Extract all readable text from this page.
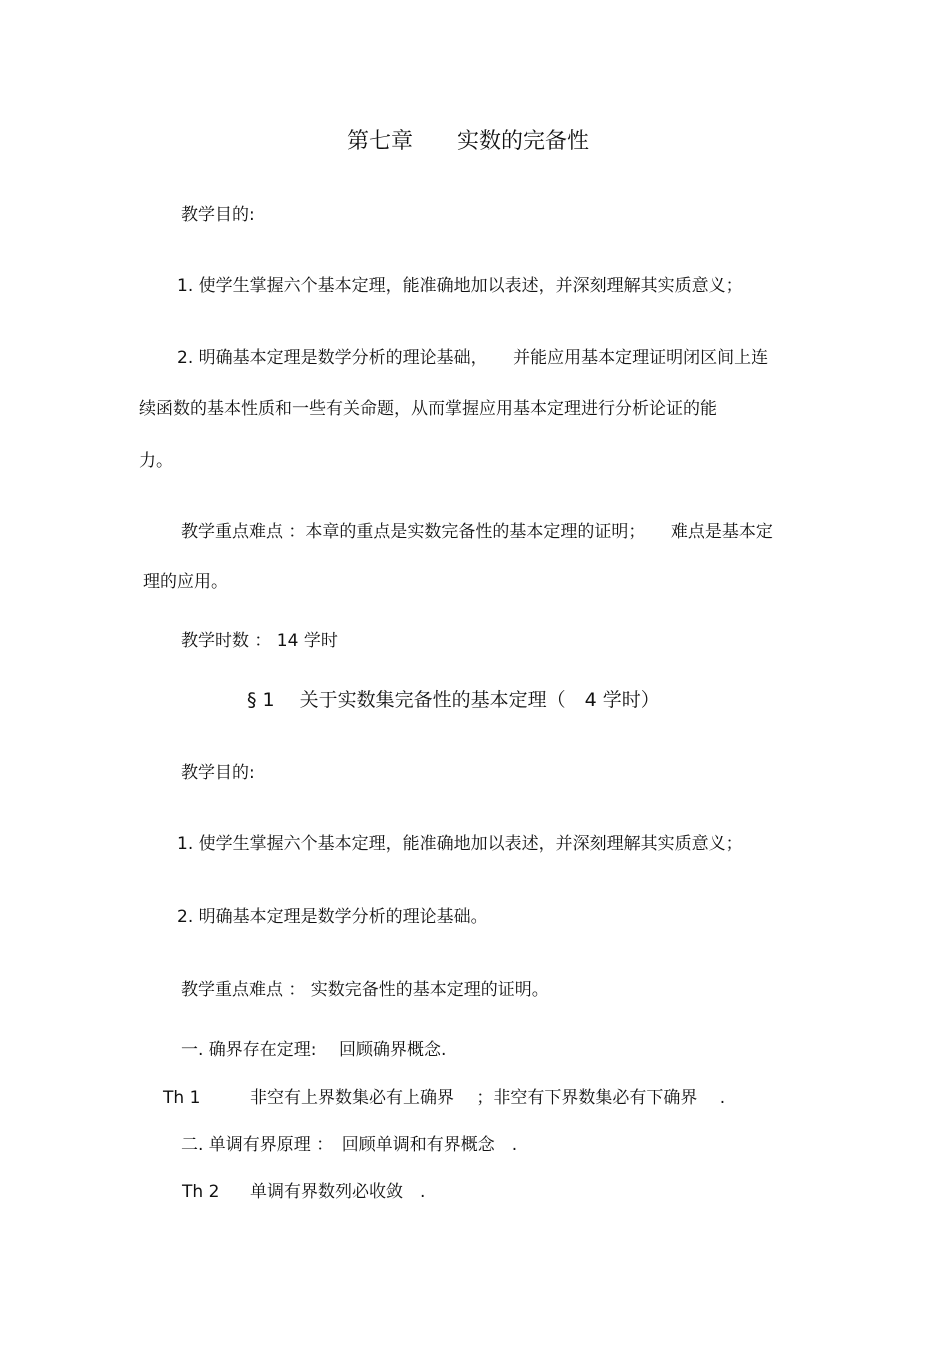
第七章　　实数的完备性
教学目的:
1. 使学生掌握六个基本定理，能准确地加以表述，并深刻理解其实质意义；
2. 明确基本定理是数学分析的理论基础，　　并能应用基本定理证明闭区间上连
续函数的基本性质和一些有关命题，从而掌握应用基本定理进行分析论证的能
力。
教学重点难点 ：本章的重点是实数完备性的基本定理的证明；　　难点是基本定
理的应用。
教学时数 ： 14 学时
§ 1　 关于实数集完备性的基本定理（　4 学时）
教学目的:
1. 使学生掌握六个基本定理，能准确地加以表述，并深刻理解其实质意义；
2. 明确基本定理是数学分析的理论基础。
教学重点难点 ： 实数完备性的基本定理的证明。
一. 确界存在定理:　 回顾确界概念.
Th 1	非空有上界数集必有上确界　 ；非空有下界数集必有下确界　 .
二. 单调有界原理 ：　回顾单调和有界概念　.
Th 2 单调有界数列必收敛　.
